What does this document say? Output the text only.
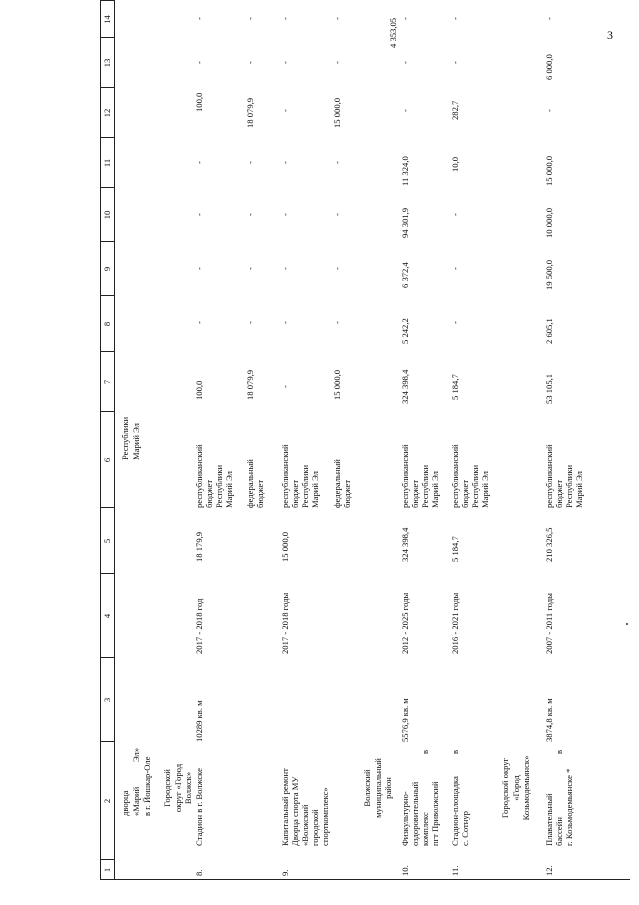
3
1
2
3
4
5
6
7
8
9
10
11
12
13
14
дворца «Марий
Эл»
в г. Йошкар-Оле
Республики Марий Эл
Городской округ «Город Волжск»
8.
Стадион в г. Волжске
10289 кв. м
2017 - 2018 год
18 179,9
республиканский бюджет Республики Марий Эл
100,0
100,0
федеральный бюджет
18 079,9
18 079,9
-
-
-
-
-
-
-
-
-
-
-
-
9.
Капитальный ремонт Дворца спорта МУ «Волжский городской спорткомплекс»
2017 - 2018 годы
15 000,0
республиканский бюджет Республики Марий Эл
-
федеральный бюджет
15 000,0
15 000,0
-
-
-
-
-
-
-
-
-
-
-
-
-
Волжский муниципальный район
10.
Физкультурно- оздоровительный комплекс
в
пгт Приволжский
5576,9 кв. м
2012 - 2025 годы
324 398,4
республиканский бюджет Республики Марий Эл
324 398,4
5 242,2
6 372,4
94 301,9
11 324,0
-
-
-
4 353,05
11.
Стадион-площадка
в
с. Сотнур
2016 - 2021 годы
5 184,7
республиканский бюджет Республики Марий Эл
5 184,7
-
-
-
10,0
282,7
-
-
Городской округ «Город Козьмодемьянск»
12.
Плавательный бассейн
в
г. Козьмодемьянске *
3874,8 кв. м
2007 - 2011 годы
210 326,5
республиканский бюджет Республики Марий Эл
53 105,1
2 605,1
19 500,0
10 000,0
15 000,0
-
6 000,0
-
